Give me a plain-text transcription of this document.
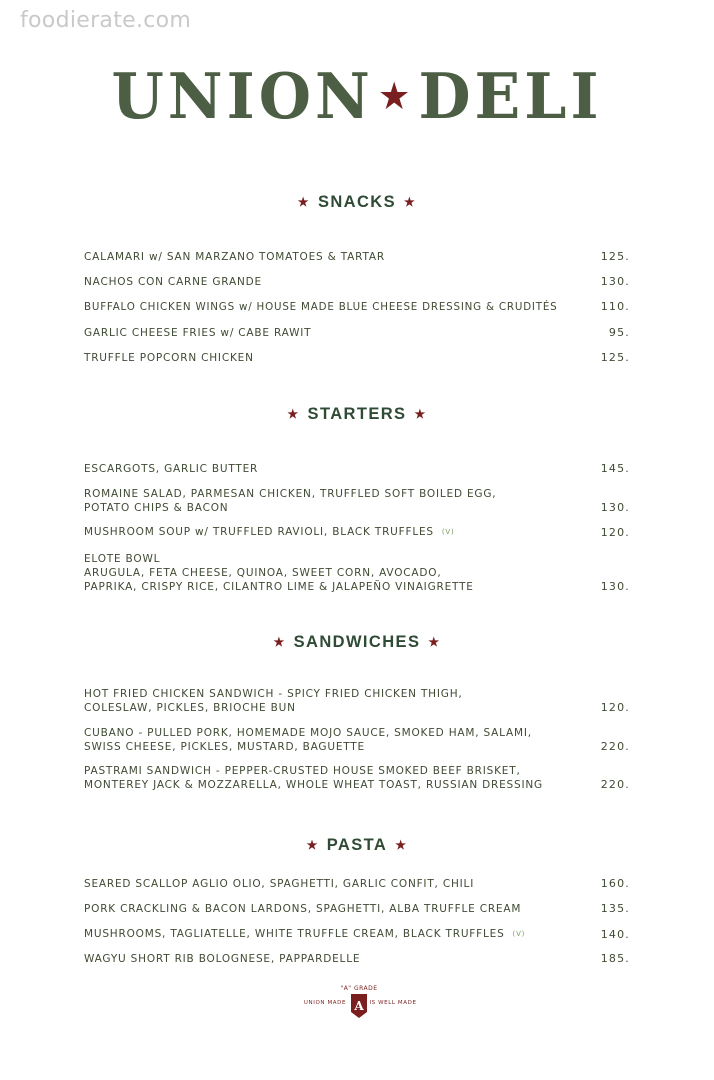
foodierate.com
UNION ★ DELI
★ SNACKS ★
CALAMARI w/ SAN MARZANO TOMATOES & TARTAR	125.
NACHOS CON CARNE GRANDE	130.
BUFFALO CHICKEN WINGS w/ HOUSE MADE BLUE CHEESE DRESSING & CRUDITÉS	110.
GARLIC CHEESE FRIES w/ CABE RAWIT	95.
TRUFFLE POPCORN CHICKEN	125.
★ STARTERS ★
ESCARGOTS, GARLIC BUTTER	145.
ROMAINE SALAD, PARMESAN CHICKEN, TRUFFLED SOFT BOILED EGG,
POTATO CHIPS & BACON	130.
MUSHROOM SOUP w/ TRUFFLED RAVIOLI, BLACK TRUFFLES (V)	120.
ELOTE BOWL
ARUGULA, FETA CHEESE, QUINOA, SWEET CORN, AVOCADO,
PAPRIKA, CRISPY RICE, CILANTRO LIME & JALAPEÑO VINAIGRETTE	130.
★ SANDWICHES ★
HOT FRIED CHICKEN SANDWICH - SPICY FRIED CHICKEN THIGH,
COLESLAW, PICKLES, BRIOCHE BUN	120.
CUBANO - PULLED PORK, HOMEMADE MOJO SAUCE, SMOKED HAM, SALAMI,
SWISS CHEESE, PICKLES, MUSTARD, BAGUETTE	220.
PASTRAMI SANDWICH - PEPPER-CRUSTED HOUSE SMOKED BEEF BRISKET,
MONTEREY JACK & MOZZARELLA, WHOLE WHEAT TOAST, RUSSIAN DRESSING	220.
★ PASTA ★
SEARED SCALLOP AGLIO OLIO, SPAGHETTI, GARLIC CONFIT, CHILI	160.
PORK CRACKLING & BACON LARDONS, SPAGHETTI, ALBA TRUFFLE CREAM	135.
MUSHROOMS, TAGLIATELLE, WHITE TRUFFLE CREAM, BLACK TRUFFLES (V)	140.
WAGYU SHORT RIB BOLOGNESE, PAPPARDELLE	185.
"A" GRADE
UNION MADE A IS WELL MADE
